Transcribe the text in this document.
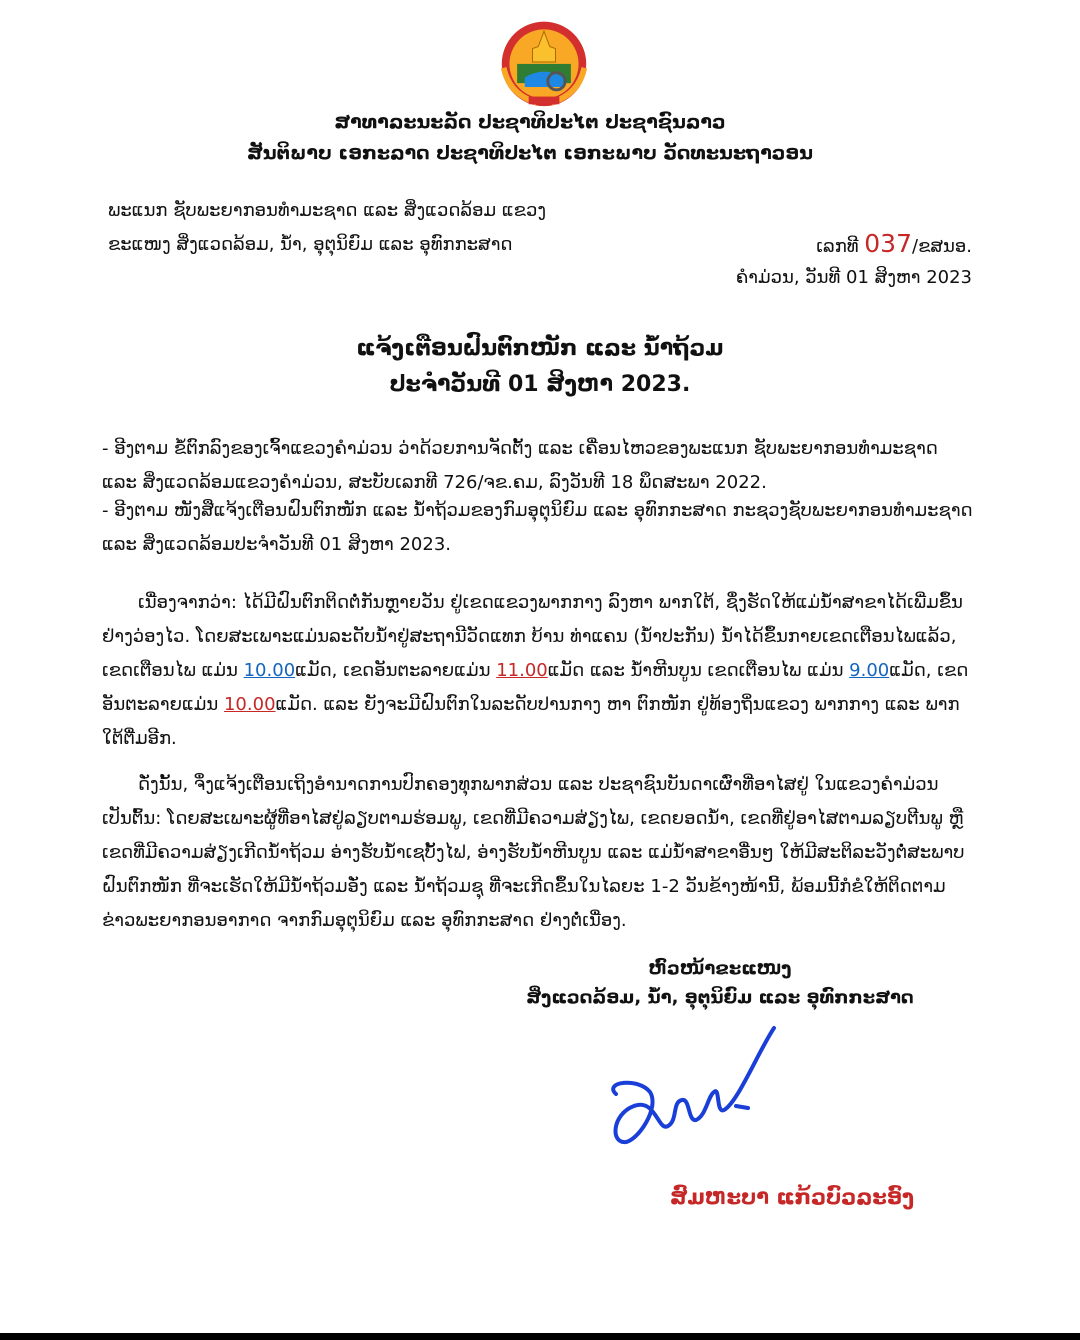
ສາທາລະນະລັດ ປະຊາທິປະໄຕ ປະຊາຊົນລາວ
ສັນຕິພາບ ເອກະລາດ ປະຊາທິປະໄຕ ເອກະພາບ ວັດທະນະຖາວອນ
ພະແນກ ຊັບພະຍາກອນທຳມະຊາດ ແລະ ສິ່ງແວດລ້ອມ ແຂວງ
ຂະແໜງ ສິ່ງແວດລ້ອມ, ນ້ຳ, ອຸຕຸນິຍົມ ແລະ ອຸທົກກະສາດ	ເລກທີ 037/ຂສນອ.
ຄຳມ່ວນ, ວັນທີ 01 ສິງຫາ 2023
ແຈ້ງເຕືອນຝົນຕົກໜັກ ແລະ ນ້ຳຖ້ວມ
ປະຈຳວັນທີ 01 ສິງຫາ 2023.

- ອີງຕາມ ຂໍ້ຕົກລົງຂອງເຈົ້າແຂວງຄຳມ່ວນ ວ່າດ້ວຍການຈັດຕັ້ງ ແລະ ເຄື່ອນໄຫວຂອງພະແນກ ຊັບພະຍາກອນທຳມະຊາດ ແລະ ສິ່ງແວດລ້ອມແຂວງຄຳມ່ວນ, ສະບັບເລກທີ 726/ຈຂ.ຄມ, ລົງວັນທີ 18 ພຶດສະພາ 2022.

- ອີງຕາມ ໜັງສືແຈ້ງເຕືອນຝົນຕົກໜັກ ແລະ ນ້ຳຖ້ວມຂອງກົມອຸຕຸນິຍົມ ແລະ ອຸທົກກະສາດ ກະຊວງຊັບພະຍາກອນທຳມະຊາດ ແລະ ສິ່ງແວດລ້ອມປະຈຳວັນທີ 01 ສິງຫາ 2023.

  ເນື່ອງຈາກວ່າ: ໄດ້ມີຝົນຕົກຕິດຕໍ່ກັນຫຼາຍວັນ ຢູ່ເຂດແຂວງພາກກາງ ລົງຫາ ພາກໃຕ້, ຊຶ່ງຮັດໃຫ້ແມ່ນ້ຳສາຂາໄດ້ເພີ່ມຂຶ້ນຢ່າງວ່ອງໄວ. ໂດຍສະເພາະແມ່ນລະດັບນ້ຳຢູ່ສະຖານີວັດແທກ ບ້ານ ທ່າແຄນ (ນ້ຳປະກັນ) ນ້ຳໄດ້ຂຶ້ນກາຍເຂດເຕືອນໄພແລ້ວ, ເຂດເຕືອນໄພ ແມ່ນ 10.00ແມັດ, ເຂດອັນຕະລາຍແມ່ນ 11.00ແມັດ ແລະ ນ້ຳຫີນບູນ ເຂດເຕືອນໄພ ແມ່ນ 9.00ແມັດ, ເຂດອັນຕະລາຍແມ່ນ 10.00ແມັດ. ແລະ ຍັງຈະມີຝົນຕົກໃນລະດັບປານກາງ ຫາ ຕົກໜັກ ຢູ່ທ້ອງຖິ່ນແຂວງ ພາກກາງ ແລະ ພາກໃຕ້ຕື່ມອີກ.

  ດັ່ງນັ້ນ, ຈຶ່ງແຈ້ງເຕືອນເຖິງອຳນາດການປົກຄອງທຸກພາກສ່ວນ ແລະ ປະຊາຊົນບັນດາເຜົ່າທີ່ອາໄສຢູ່ ໃນແຂວງຄຳມ່ວນ ເປັນຕົ້ນ: ໂດຍສະເພາະຜູ້ທີ່ອາໄສຢູ່ລຽບຕາມຮ່ອມພູ, ເຂດທີ່ມີຄວາມສ່ຽງໄພ, ເຂດຍອດນ້ຳ, ເຂດທີ່ຢູ່ອາໄສຕາມລຽບຕີນພູ ຫຼື ເຂດທີ່ມີຄວາມສ່ຽງເກີດນ້ຳຖ້ວມ ອ່າງຮັບນ້ຳເຊບັ້ງໄຟ, ອ່າງຮັບນ້ຳຫີນບູນ ແລະ ແມ່ນ້ຳສາຂາອື່ນໆ ໃຫ້ມີສະຕິລະວັງຕໍ່ສະພາບຝົນຕົກໜັກ ທີ່ຈະເຮັດໃຫ້ມີນ້ຳຖ້ວມອັ່ງ ແລະ ນ້ຳຖ້ວມຊຸ ທີ່ຈະເກີດຂຶ້ນໃນໄລຍະ 1-2 ວັນຂ້າງໜ້ານີ້, ພ້ອມນີ້ກໍຂໍໃຫ້ຕິດຕາມຂ່າວພະຍາກອນອາກາດ ຈາກກົມອຸຕຸນິຍົມ ແລະ ອຸທົກກະສາດ ຢ່າງຕໍ່ເນື່ອງ.

ຫົວໜ້າຂະແໜງ
ສິ່ງແວດລ້ອມ, ນ້ຳ, ອຸຕຸນິຍົມ ແລະ ອຸທົກກະສາດ
ສົມຫະບາ ແກ້ວບົວລະອົງ
